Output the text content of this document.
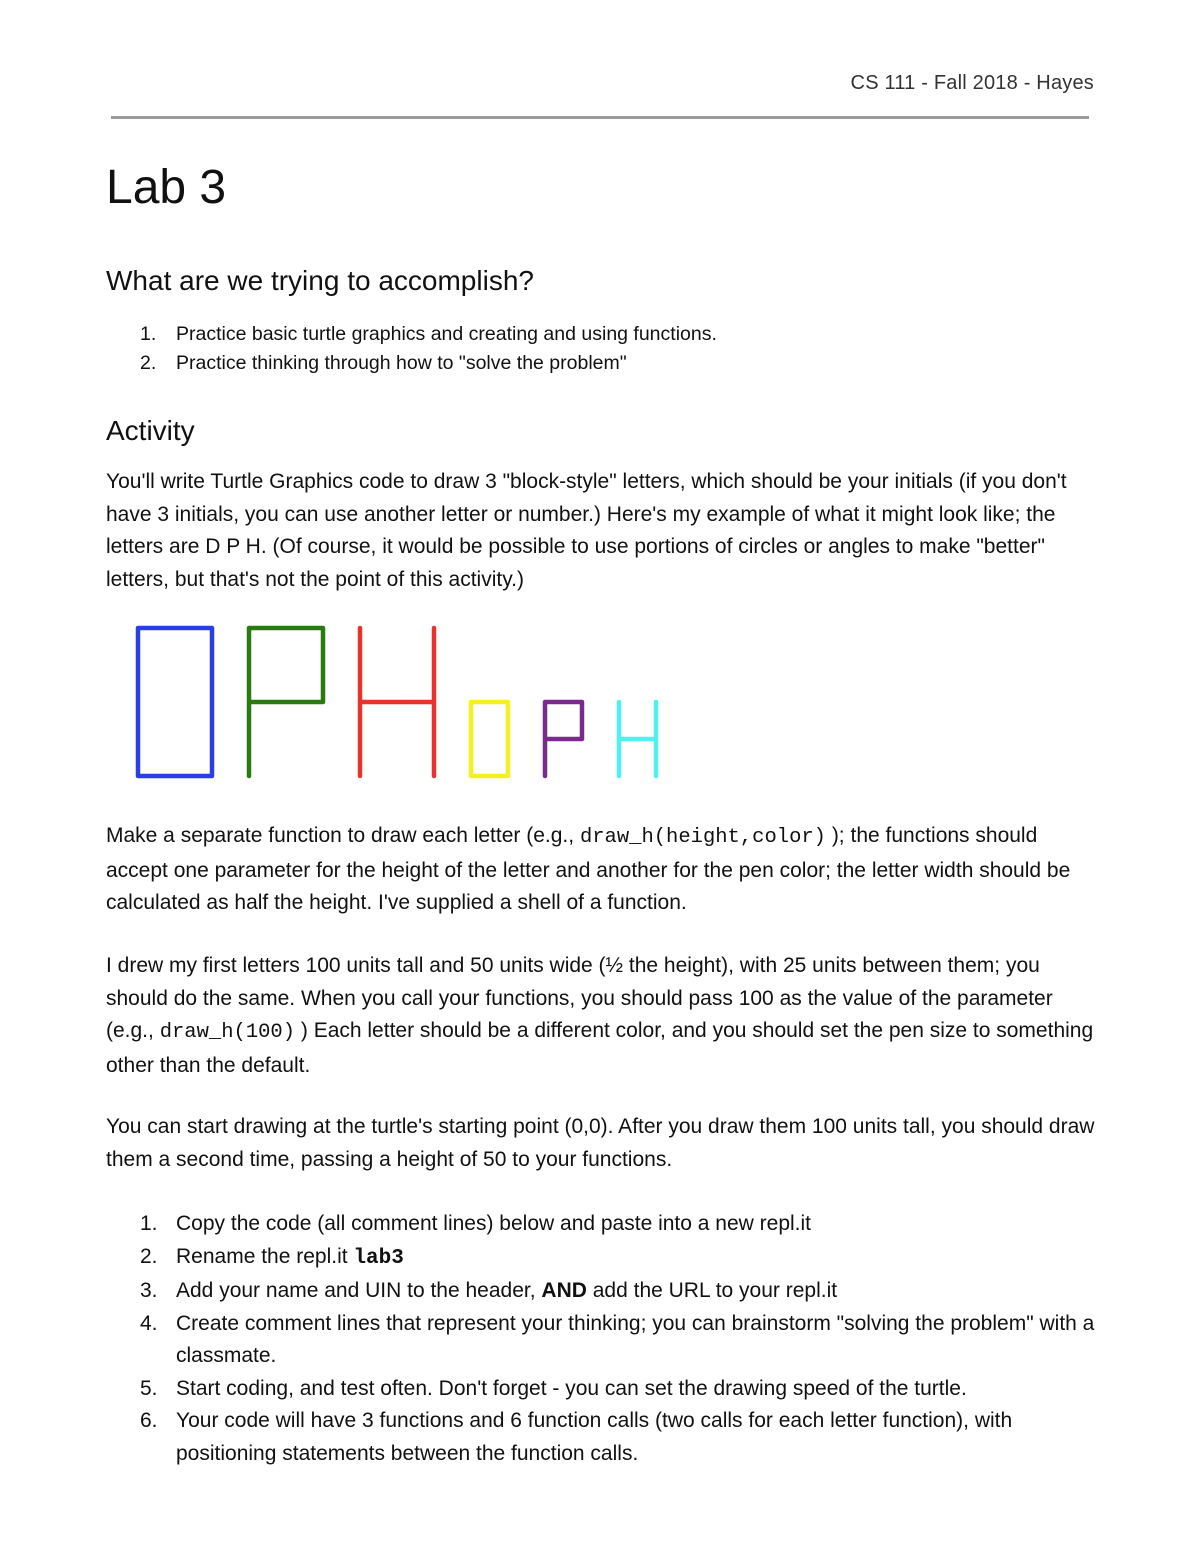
CS 111 - Fall 2018 - Hayes
Lab 3
What are we trying to accomplish?
1. Practice basic turtle graphics and creating and using functions.
2. Practice thinking through how to "solve the problem"
Activity

You'll write Turtle Graphics code to draw 3 "block-style" letters, which should be your initials (if you don't have 3 initials, you can use another letter or number.) Here's my example of what it might look like; the letters are D P H. (Of course, it would be possible to use portions of circles or angles to make "better" letters, but that's not the point of this activity.)

Make a separate function to draw each letter (e.g., draw_h(height,color) ); the functions should accept one parameter for the height of the letter and another for the pen color; the letter width should be calculated as half the height. I've supplied a shell of a function.

I drew my first letters 100 units tall and 50 units wide (½ the height), with 25 units between them; you should do the same. When you call your functions, you should pass 100 as the value of the parameter (e.g., draw_h(100) ) Each letter should be a different color, and you should set the pen size to something other than the default.

You can start drawing at the turtle's starting point (0,0). After you draw them 100 units tall, you should draw them a second time, passing a height of 50 to your functions.

1. Copy the code (all comment lines) below and paste into a new repl.it
2. Rename the repl.it lab3
3. Add your name and UIN to the header, AND add the URL to your repl.it
4. Create comment lines that represent your thinking; you can brainstorm "solving the problem" with a classmate.
5. Start coding, and test often. Don't forget - you can set the drawing speed of the turtle.
6. Your code will have 3 functions and 6 function calls (two calls for each letter function), with positioning statements between the function calls.
